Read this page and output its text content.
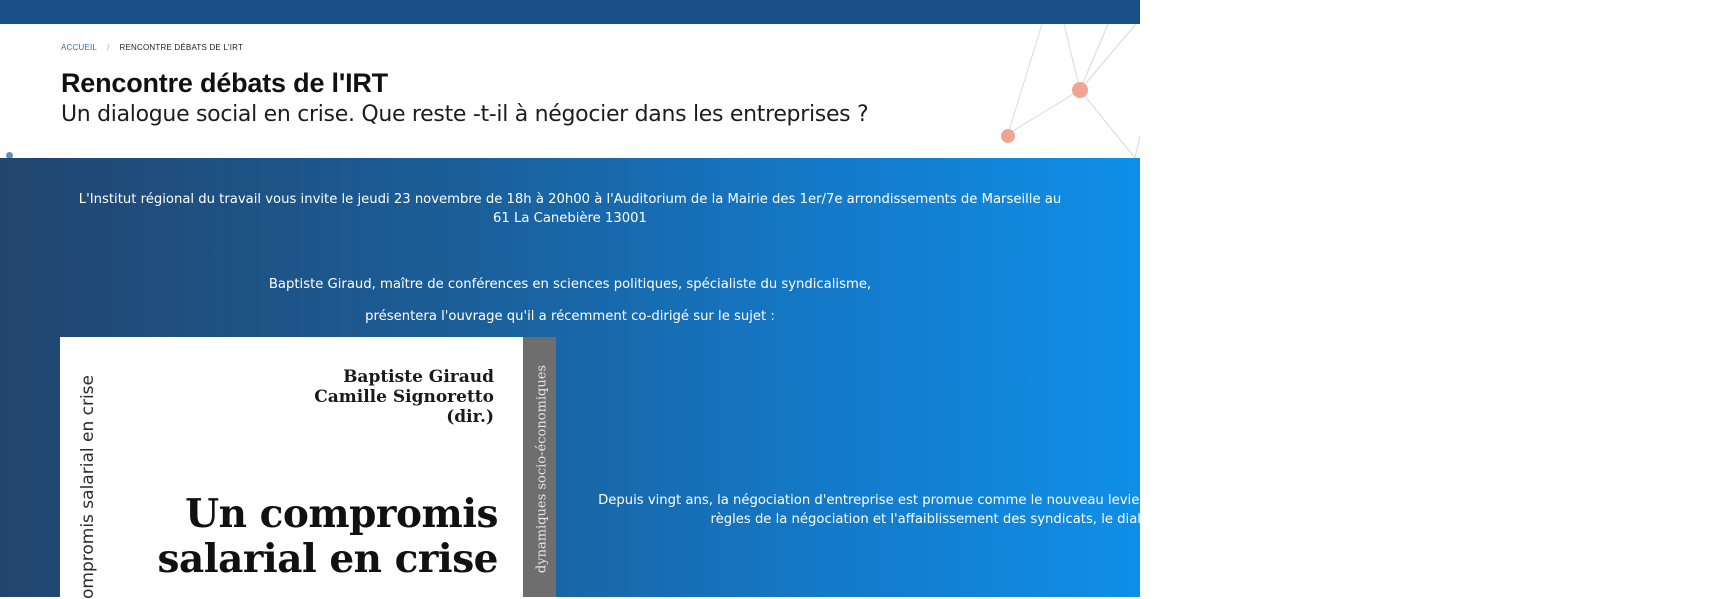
ACCUEIL / RENCONTRE DÉBATS DE L'IRT
Rencontre débats de l'IRT
Un dialogue social en crise. Que reste -t-il à négocier dans les entreprises ?

L'Institut régional du travail vous invite le jeudi 23 novembre de 18h à 20h00 à l'Auditorium de la Mairie des 1er/7e arrondissements de Marseille au 61 La Canebière 13001

Baptiste Giraud, maître de conférences en sciences politiques, spécialiste du syndicalisme,

présentera l'ouvrage qu'il a récemment co-dirigé sur le sujet :

dynamiques socio-économiques
ompromis salarial en crise	Baptiste Giraud
Camille Signoretto
(dir.)
Un compromis
salarial en crise

Depuis vingt ans, la négociation d'entreprise est promue comme le nouveau levier de construction du compromis salarial. Avec les transformations du capitalisme, des règles de la négociation et l'affaiblissement des syndicats, le dialogue social en entreprise n'a pourtant jamais été aussi déséquilibré.
